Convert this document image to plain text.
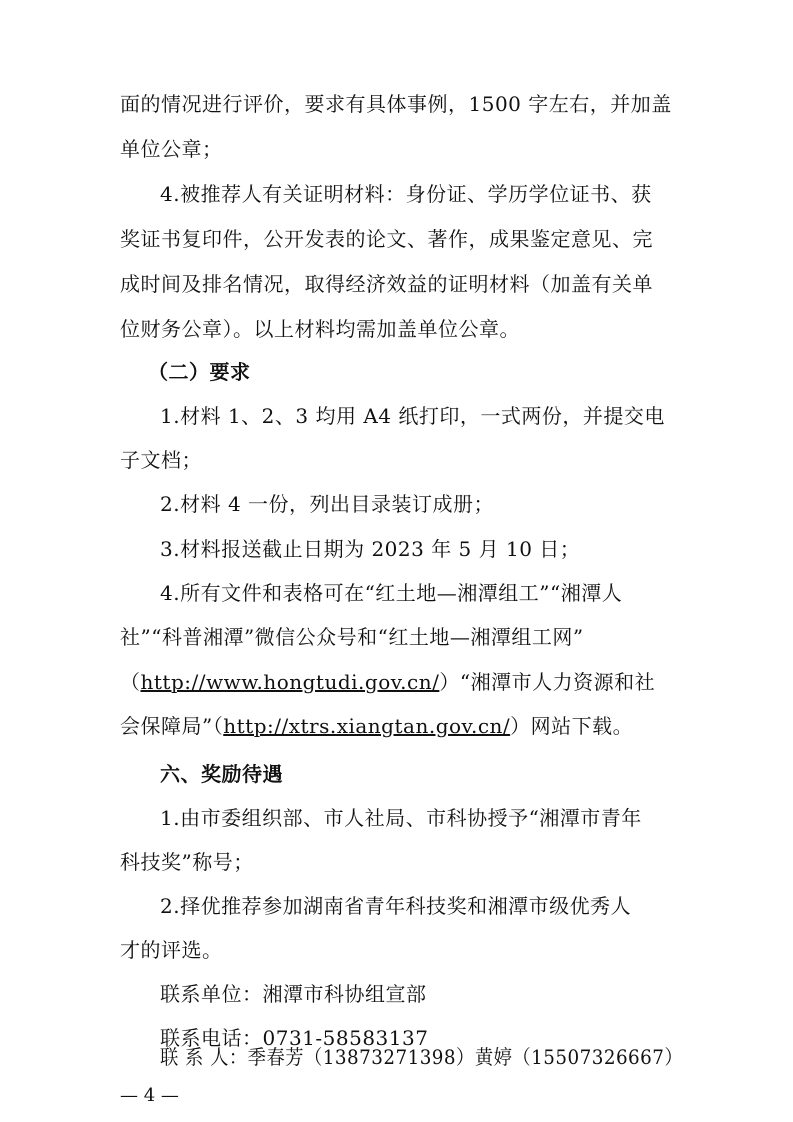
面的情况进行评价，要求有具体事例，1500 字左右，并加盖
单位公章；
4.被推荐人有关证明材料：身份证、学历学位证书、获
奖证书复印件，公开发表的论文、著作，成果鉴定意见、完
成时间及排名情况，取得经济效益的证明材料（加盖有关单
位财务公章）。以上材料均需加盖单位公章。
（二）要求
1.材料 1、2、3 均用 A4 纸打印，一式两份，并提交电
子文档；
2.材料 4 一份，列出目录装订成册；
3.材料报送截止日期为 2023 年 5 月 10 日；
4.所有文件和表格可在“红土地—湘潭组工”“湘潭人
社”“科普湘潭”微信公众号和“红土地—湘潭组工网”
（http://www.hongtudi.gov.cn/）“湘潭市人力资源和社
会保障局”（http://xtrs.xiangtan.gov.cn/）网站下载。
六、奖励待遇
1.由市委组织部、市人社局、市科协授予“湘潭市青年
科技奖”称号；
2.择优推荐参加湖南省青年科技奖和湘潭市级优秀人
才的评选。
联系单位：湘潭市科协组宣部
联系电话：0731-58583137
联 系 人：季春芳（13873271398）黄婷（15507326667）
— 4 —
